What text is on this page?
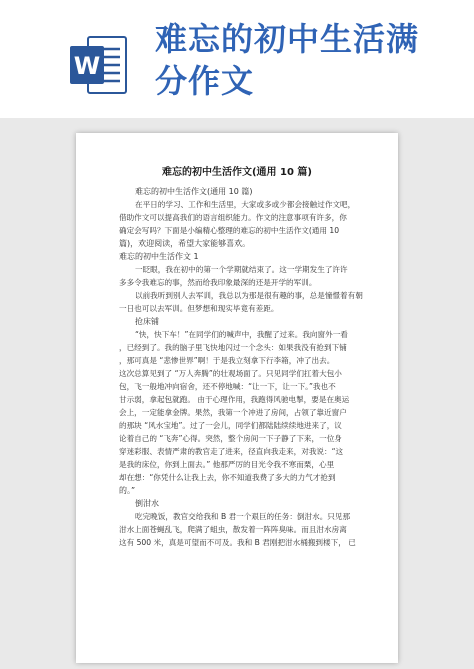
W
难忘的初中生活满
分作文
难忘的初中生活作文(通用 10 篇)
难忘的初中生活作文(通用 10 篇)
在平日的学习、工作和生活里，大家或多或少都会接触过作文吧，
借助作文可以提高我们的语言组织能力。作文的注意事项有许多，你
确定会写吗？下面是小编精心整理的难忘的初中生活作文(通用 10
篇)，欢迎阅读，希望大家能够喜欢。
难忘的初中生活作文 1
一眨眼，我在初中的第一个学期就结束了。这一学期发生了许许
多多令我难忘的事，然而给我印象最深的还是开学的军训。
以前我听到别人去军训，我总以为那是很有趣的事，总是憧憬着有朝
一日也可以去军训。但梦想和现实毕竟有差距。
抢床铺
“快，快下车！”在同学们的喊声中，我醒了过来。我向窗外一看
，已经到了。我的脑子里飞快地闪过一个念头：如果我没有抢到下铺
，那可真是 “悲惨世界”啊！于是我立刻拿下行李箱，冲了出去。
这次总算见到了 “万人奔腾”的壮观场面了。只见同学们扛着大包小
包，飞一般地冲向宿舍，还不停地喊：“让一下，让一下。”我也不
甘示弱，拿起包就跑。 由于心理作用，我跑得风驰电掣，要是在奥运
会上，一定能拿金牌。果然，我第一个冲进了房间，占领了靠近窗户
的那块 “风水宝地”。过了一会儿，同学们都陆陆续续地进来了，议
论着自己的 “飞奔”心得。突然，整个房间一下子静了下来，一位身
穿迷彩服、表情严肃的教官走了进来，径直向我走来，对我说：“这
是我的床位，你到上面去。” 他那严厉的目光令我不寒而栗，心里
却在想：“你凭什么让我上去，你不知道我费了多大的力气才抢到
的。”
倒泔水
吃完晚饭，教官交给我和 B 君一个艰巨的任务：倒泔水。只见那
泔水上面苍蝇乱飞，爬满了蛆虫，散发着一阵阵臭味。而且泔水房离
这有 500 米，真是可望而不可及。我和 B 君刚把泔水桶搬到楼下， 已
